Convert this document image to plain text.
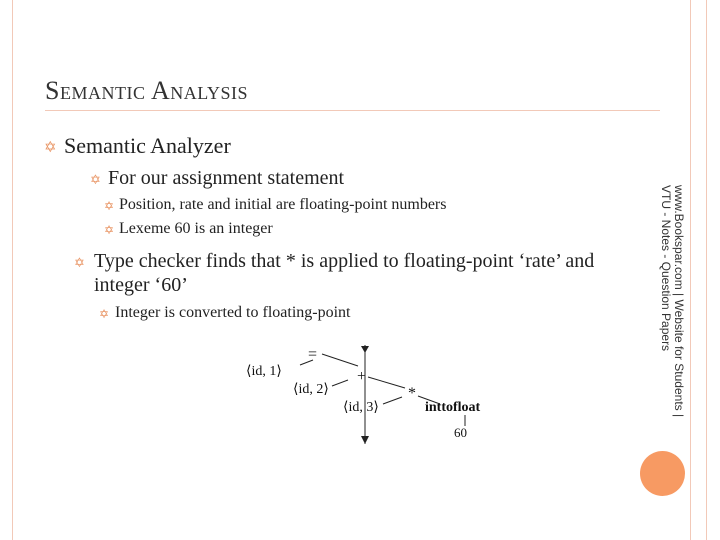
Semantic Analysis
✡ Semantic Analyzer
✡ For our assignment statement
✡ Position, rate and initial are floating-point numbers
✡ Lexeme 60 is an integer
✡ Type checker finds that * is applied to floating-point ‘rate’ and
integer ‘60’
✡ Integer is converted to floating-point
=
⟨id, 1⟩	+
⟨id, 2⟩	*
⟨id, 3⟩	inttofloat
60
www.Bookspar.com | Website for Students |
VTU - Notes - Question Papers
